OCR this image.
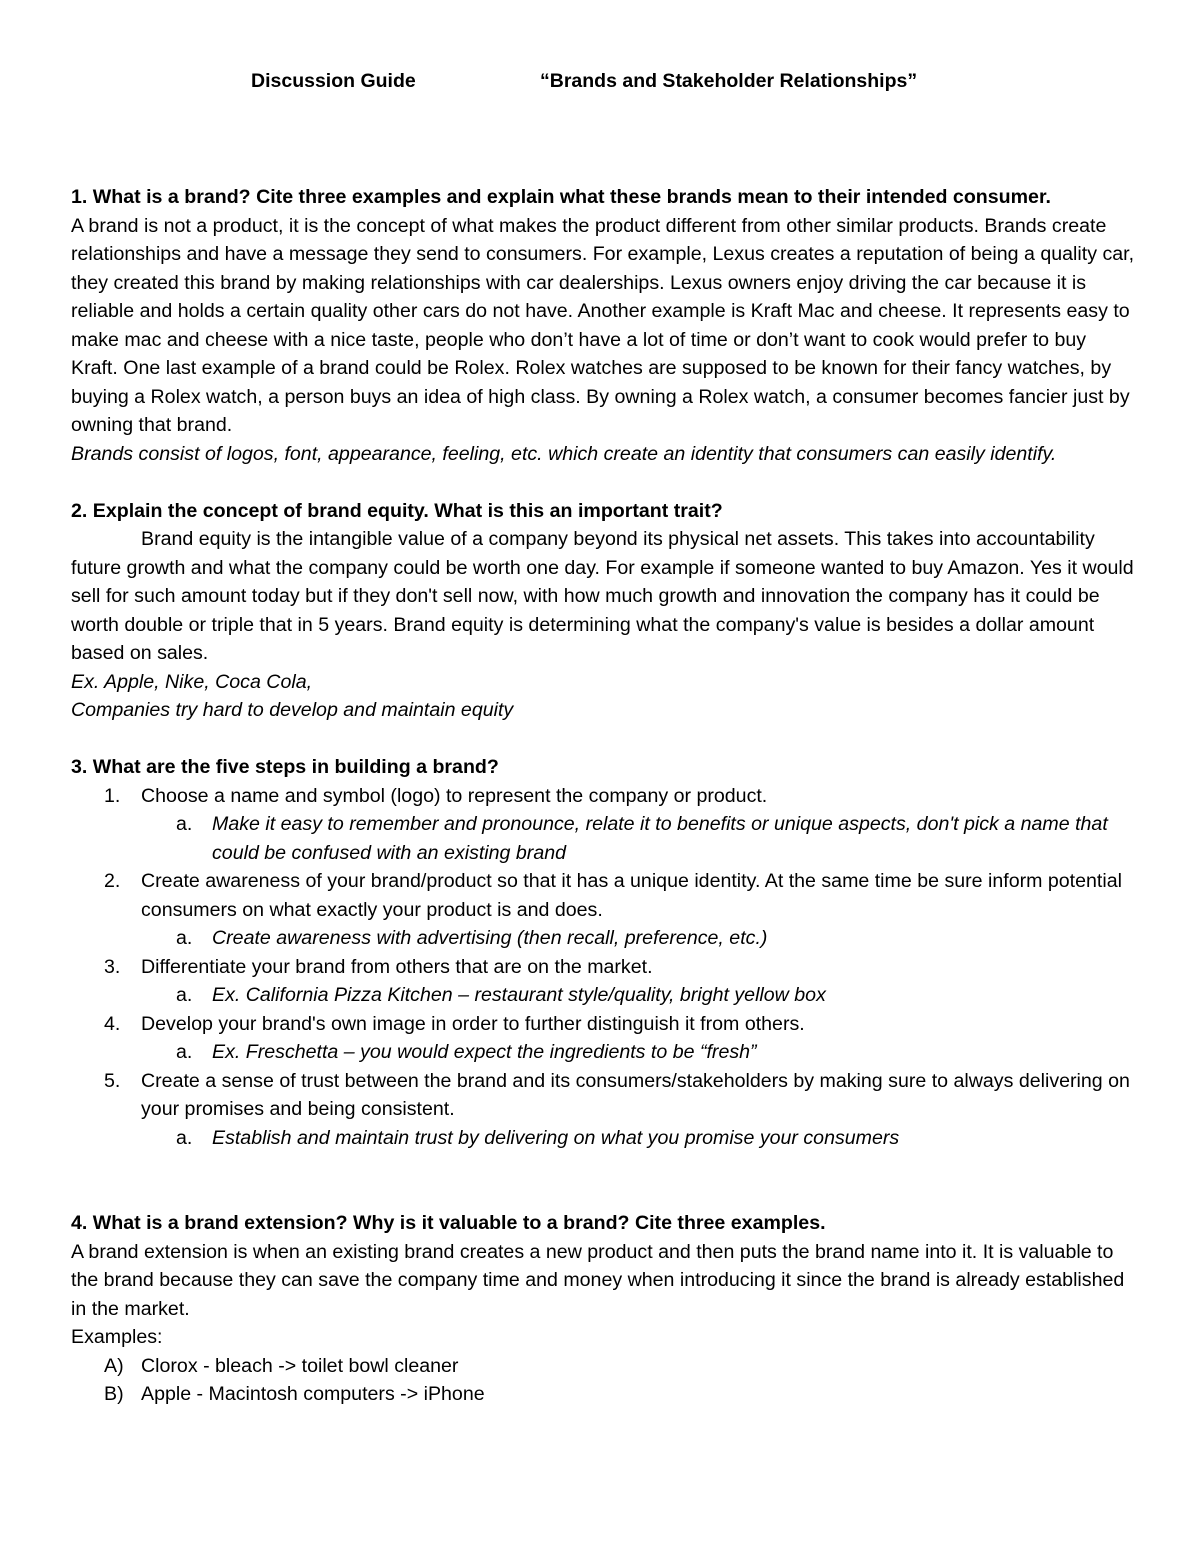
Discussion Guide	“Brands and Stakeholder Relationships”

1. What is a brand? Cite three examples and explain what these brands mean to their intended consumer.

A brand is not a product, it is the concept of what makes the product different from other similar products. Brands create relationships and have a message they send to consumers. For example, Lexus creates a reputation of being a quality car, they created this brand by making relationships with car dealerships. Lexus owners enjoy driving the car because it is reliable and holds a certain quality other cars do not have. Another example is Kraft Mac and cheese. It represents easy to make mac and cheese with a nice taste, people who don’t have a lot of time or don’t want to cook would prefer to buy Kraft. One last example of a brand could be Rolex. Rolex watches are supposed to be known for their fancy watches, by buying a Rolex watch, a person buys an idea of high class. By owning a Rolex watch, a consumer becomes fancier just by owning that brand.

Brands consist of logos, font, appearance, feeling, etc. which create an identity that consumers can easily identify.

2. Explain the concept of brand equity. What is this an important trait?

Brand equity is the intangible value of a company beyond its physical net assets. This takes into accountability future growth and what the company could be worth one day. For example if someone wanted to buy Amazon. Yes it would sell for such amount today but if they don't sell now, with how much growth and innovation the company has it could be worth double or triple that in 5 years. Brand equity is determining what the company's value is besides a dollar amount based on sales.

Ex. Apple, Nike, Coca Cola,

Companies try hard to develop and maintain equity

3. What are the five steps in building a brand?

1. Choose a name and symbol (logo) to represent the company or product.
a. Make it easy to remember and pronounce, relate it to benefits or unique aspects, don't pick a name that could be confused with an existing brand
2. Create awareness of your brand/product so that it has a unique identity. At the same time be sure inform potential consumers on what exactly your product is and does.
a. Create awareness with advertising (then recall, preference, etc.)
3. Differentiate your brand from others that are on the market.
a. Ex. California Pizza Kitchen – restaurant style/quality, bright yellow box
4. Develop your brand's own image in order to further distinguish it from others.
a. Ex. Freschetta – you would expect the ingredients to be “fresh”
5. Create a sense of trust between the brand and its consumers/stakeholders by making sure to always delivering on your promises and being consistent.
a. Establish and maintain trust by delivering on what you promise your consumers

4. What is a brand extension? Why is it valuable to a brand? Cite three examples.

A brand extension is when an existing brand creates a new product and then puts the brand name into it. It is valuable to the brand because they can save the company time and money when introducing it since the brand is already established in the market.

Examples:

A) Clorox - bleach -> toilet bowl cleaner
B) Apple - Macintosh computers -> iPhone
